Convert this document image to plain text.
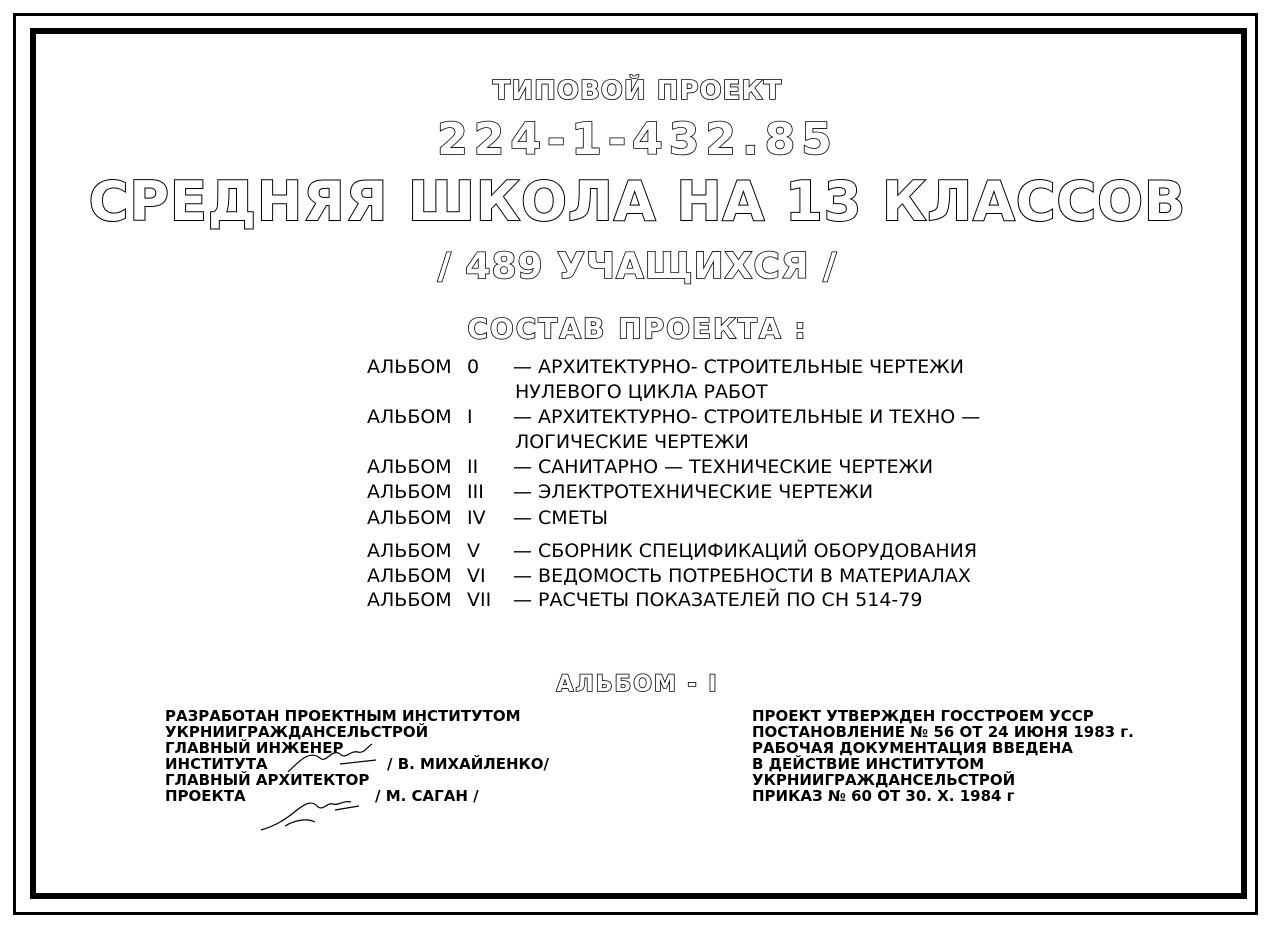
ТИПОВОЙ ПРОЕКТ
224-1-432.85
СРЕДНЯЯ ШКОЛА НА 13 КЛАССОВ
/ 489 УЧАЩИХСЯ /
СОСТАВ ПРОЕКТА :
АЛЬБОМ 0	— АРХИТЕКТУРНО- СТРОИТЕЛЬНЫЕ ЧЕРТЕЖИ
НУЛЕВОГО ЦИКЛА РАБОТ
АЛЬБОМ I	— АРХИТЕКТУРНО- СТРОИТЕЛЬНЫЕ И ТЕХНО —
ЛОГИЧЕСКИЕ ЧЕРТЕЖИ
АЛЬБОМ II	— САНИТАРНО — ТЕХНИЧЕСКИЕ ЧЕРТЕЖИ
АЛЬБОМ III	— ЭЛЕКТРОТЕХНИЧЕСКИЕ ЧЕРТЕЖИ
АЛЬБОМ IV	— СМЕТЫ
АЛЬБОМ V	— СБОРНИК СПЕЦИФИКАЦИЙ ОБОРУДОВАНИЯ
АЛЬБОМ VI	— ВЕДОМОСТЬ ПОТРЕБНОСТИ В МАТЕРИАЛАХ
АЛЬБОМ VII	— РАСЧЕТЫ ПОКАЗАТЕЛЕЙ ПО СН 514-79
АЛЬБОМ - I
РАЗРАБОТАН ПРОЕКТНЫМ ИНСТИТУТОМ
УКРНИИГРАЖДАНСЕЛЬСТРОЙ
ГЛАВНЫЙ ИНЖЕНЕР
ИНСТИТУТА	/ В. МИХАЙЛЕНКО/
ГЛАВНЫЙ АРХИТЕКТОР
ПРОЕКТА	/ М. САГАН /
ПРОЕКТ УТВЕРЖДЕН ГОССТРОЕМ УССР
ПОСТАНОВЛЕНИЕ № 56 ОТ 24 ИЮНЯ 1983 г.
РАБОЧАЯ ДОКУМЕНТАЦИЯ ВВЕДЕНА
В ДЕЙСТВИЕ ИНСТИТУТОМ
УКРНИИГРАЖДАНСЕЛЬСТРОЙ
ПРИКАЗ № 60 ОТ 30. X. 1984 г
